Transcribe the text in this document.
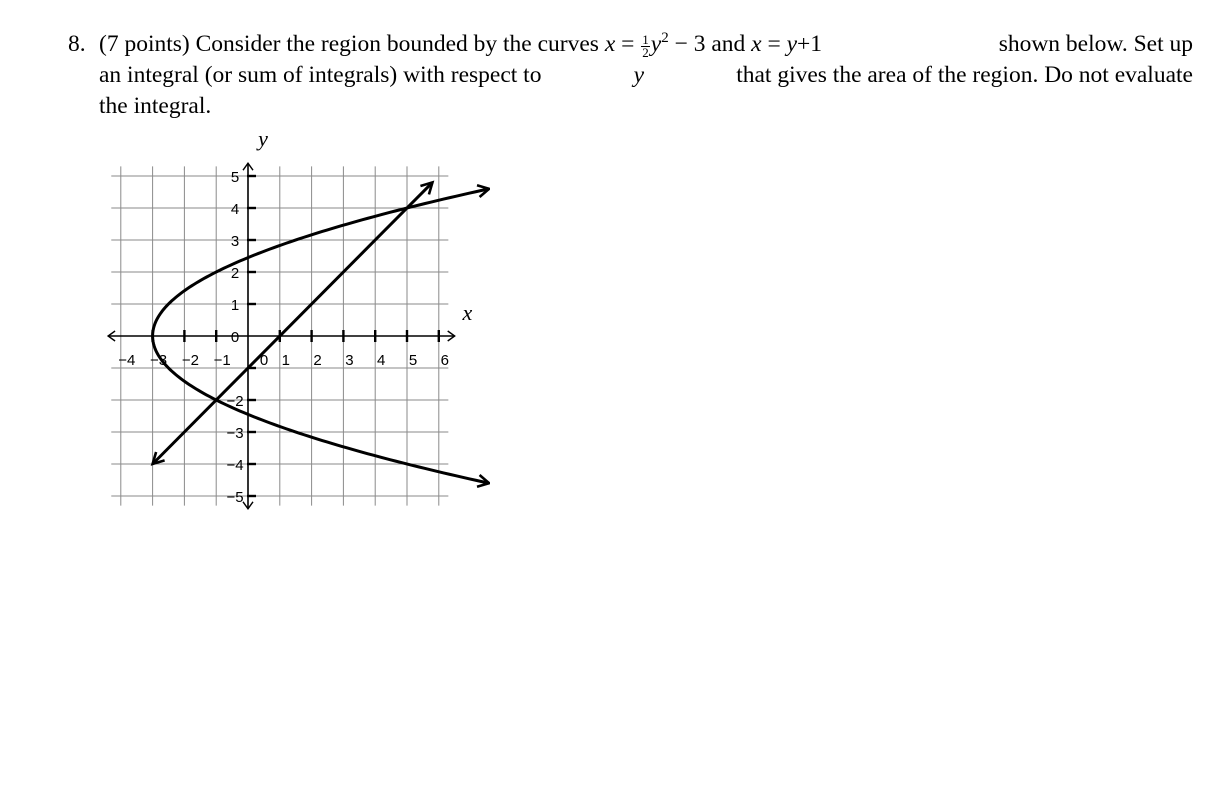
8. (7 points) Consider the region bounded by the curves $x = \frac{1}{2} y^2 - 3$ and x = y+1	shown below. Set up
an integral (or sum of integrals) with respect to	y	that gives the area of the region. Do not evaluate
the integral.
x
y
−4 −3 −2 −1 0 1 2 3 4 5 6
5
4
3
2
1
0
−2
−3
−4
−5
